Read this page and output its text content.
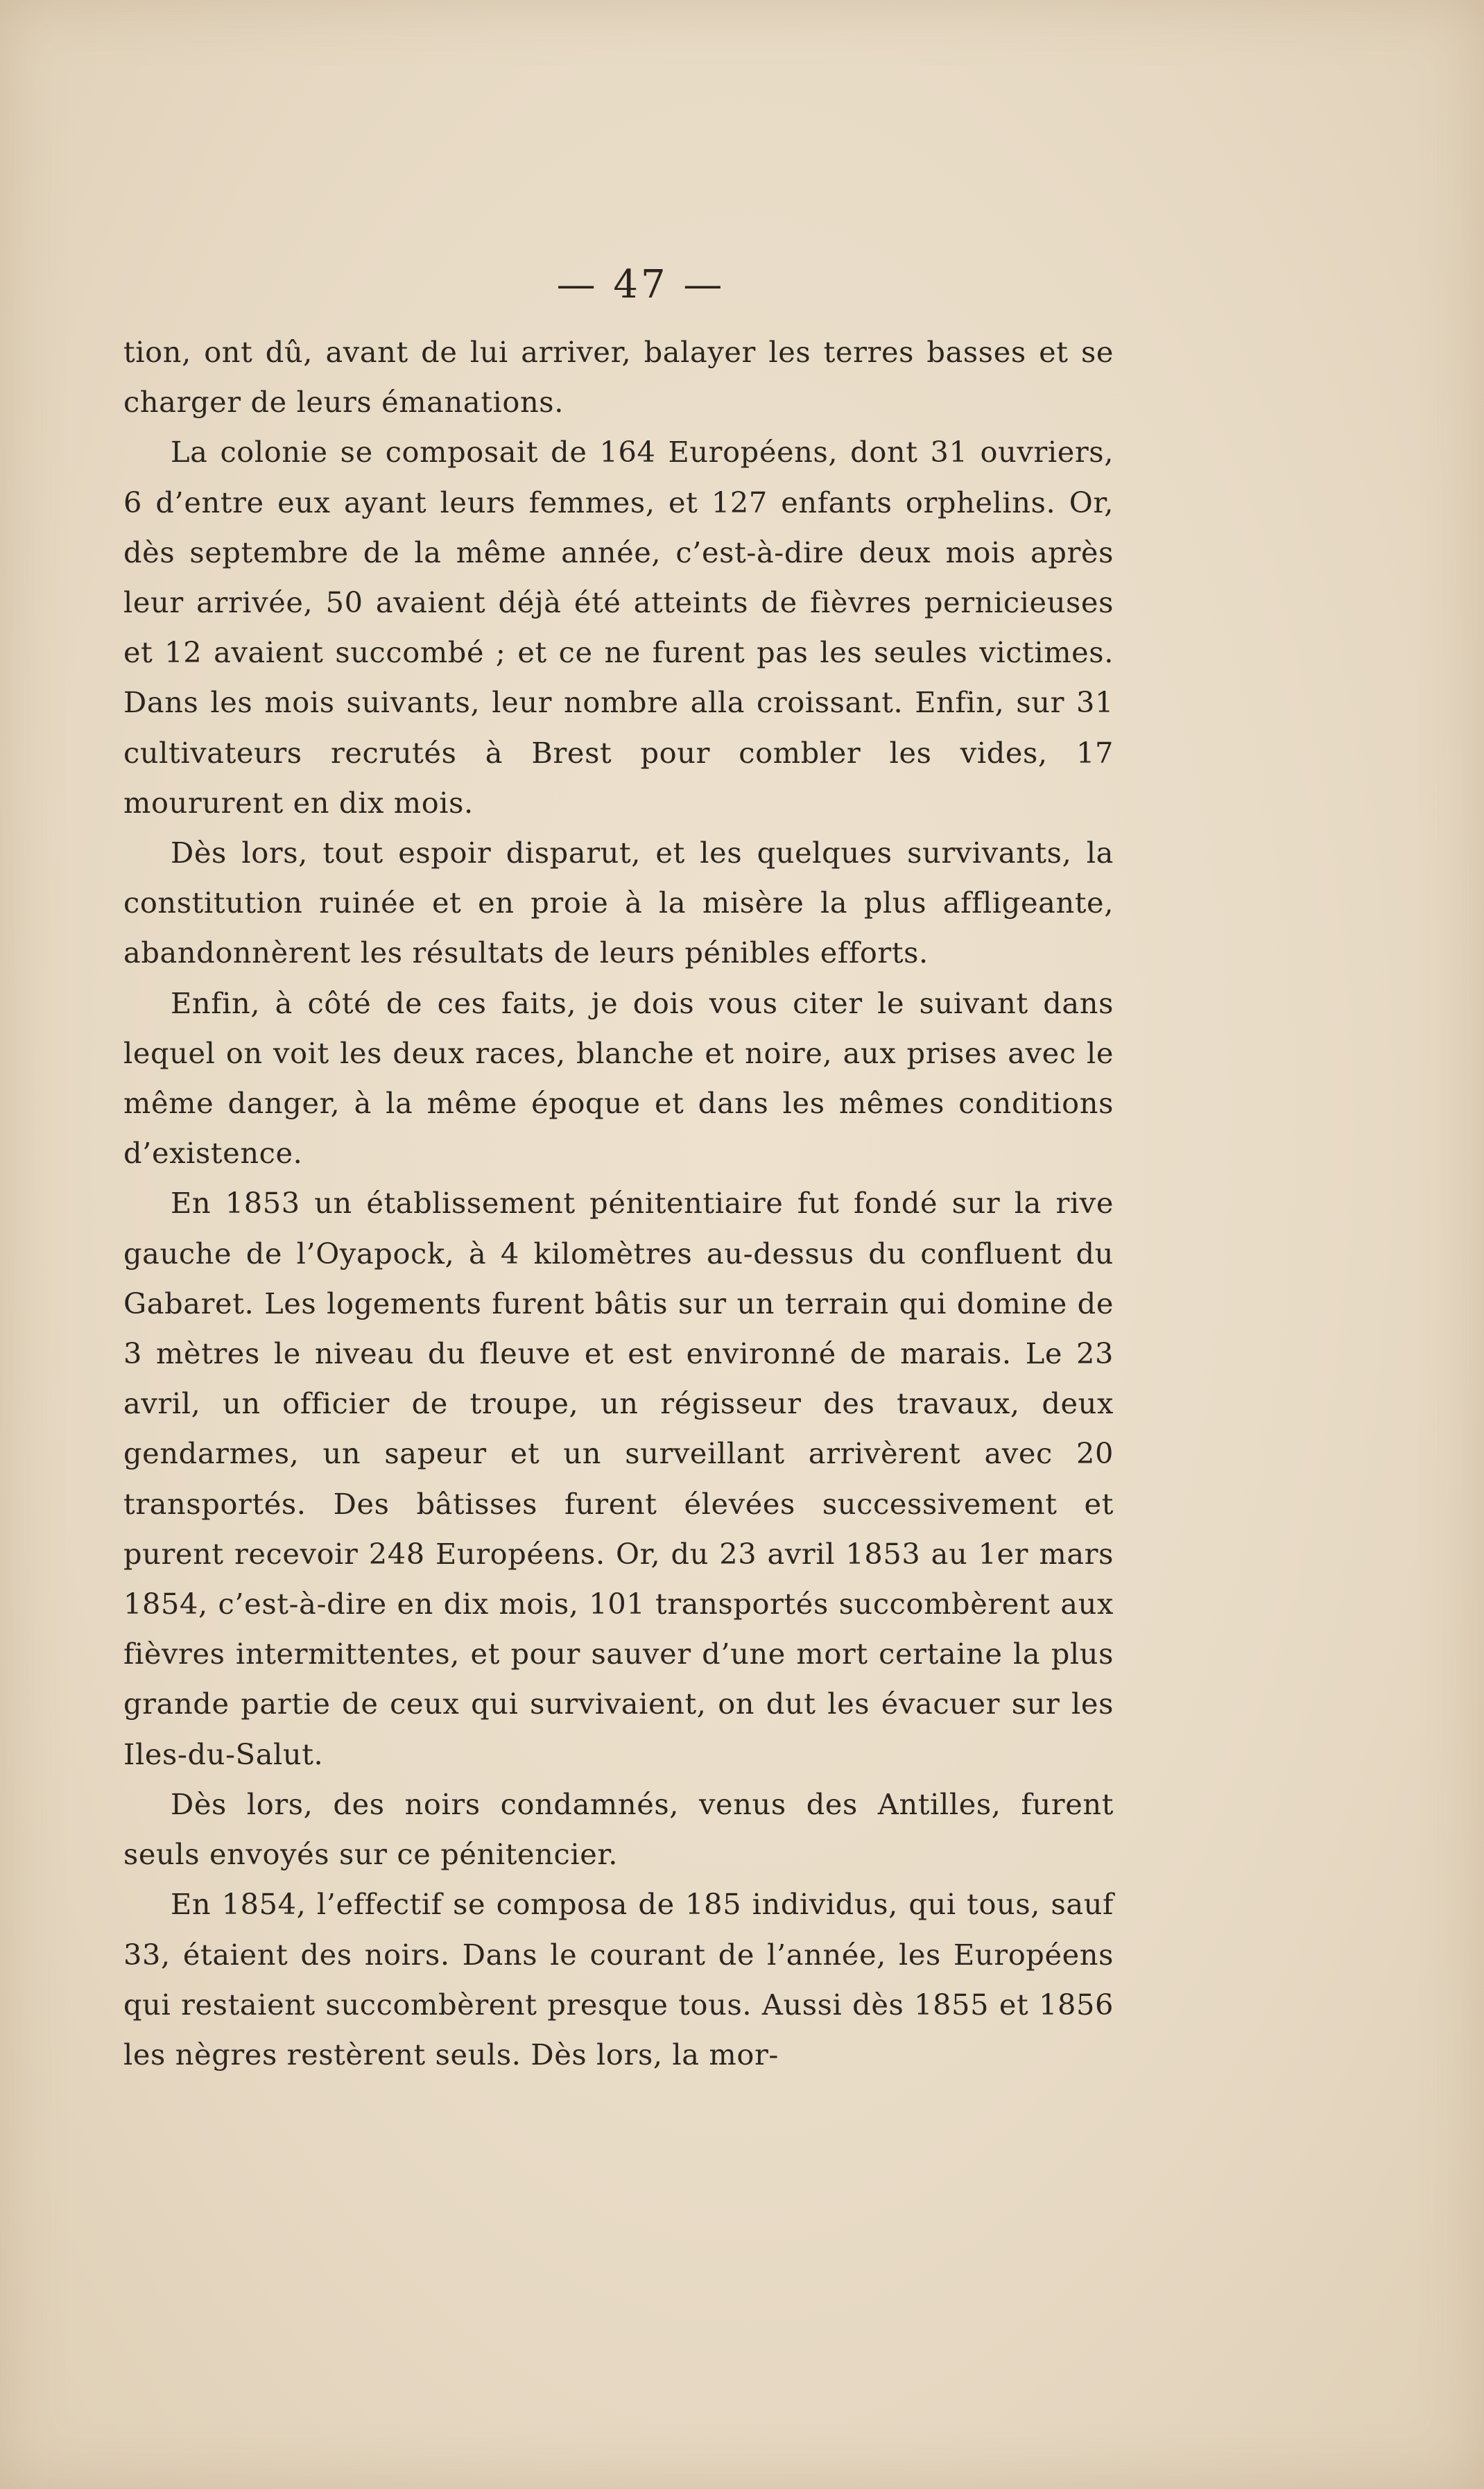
— 47 —

tion, ont dû, avant de lui arriver, balayer les terres basses et se charger de leurs émanations.

La colonie se composait de 164 Européens, dont 31 ouvriers, 6 d’entre eux ayant leurs femmes, et 127 enfants orphelins. Or, dès septembre de la même année, c’est-à-dire deux mois après leur arrivée, 50 avaient déjà été atteints de fièvres pernicieuses et 12 avaient succombé ; et ce ne furent pas les seules victimes. Dans les mois suivants, leur nombre alla croissant. Enfin, sur 31 cultivateurs recrutés à Brest pour combler les vides, 17 moururent en dix mois.

Dès lors, tout espoir disparut, et les quelques survivants, la constitution ruinée et en proie à la misère la plus affligeante, abandonnèrent les résultats de leurs pénibles efforts.

Enfin, à côté de ces faits, je dois vous citer le suivant dans lequel on voit les deux races, blanche et noire, aux prises avec le même danger, à la même époque et dans les mêmes conditions d’existence.

En 1853 un établissement pénitentiaire fut fondé sur la rive gauche de l’Oyapock, à 4 kilomètres au-dessus du confluent du Gabaret. Les logements furent bâtis sur un terrain qui domine de 3 mètres le niveau du fleuve et est environné de marais. Le 23 avril, un officier de troupe, un régisseur des travaux, deux gendarmes, un sapeur et un surveillant arrivèrent avec 20 transportés. Des bâtisses furent élevées successivement et purent recevoir 248 Européens. Or, du 23 avril 1853 au 1er mars 1854, c’est-à-dire en dix mois, 101 transportés succombèrent aux fièvres intermittentes, et pour sauver d’une mort certaine la plus grande partie de ceux qui survivaient, on dut les évacuer sur les Iles-du-Salut.

Dès lors, des noirs condamnés, venus des Antilles, furent seuls envoyés sur ce pénitencier.

En 1854, l’effectif se composa de 185 individus, qui tous, sauf 33, étaient des noirs. Dans le courant de l’année, les Européens qui restaient succombèrent presque tous. Aussi dès 1855 et 1856 les nègres restèrent seuls. Dès lors, la mor-
